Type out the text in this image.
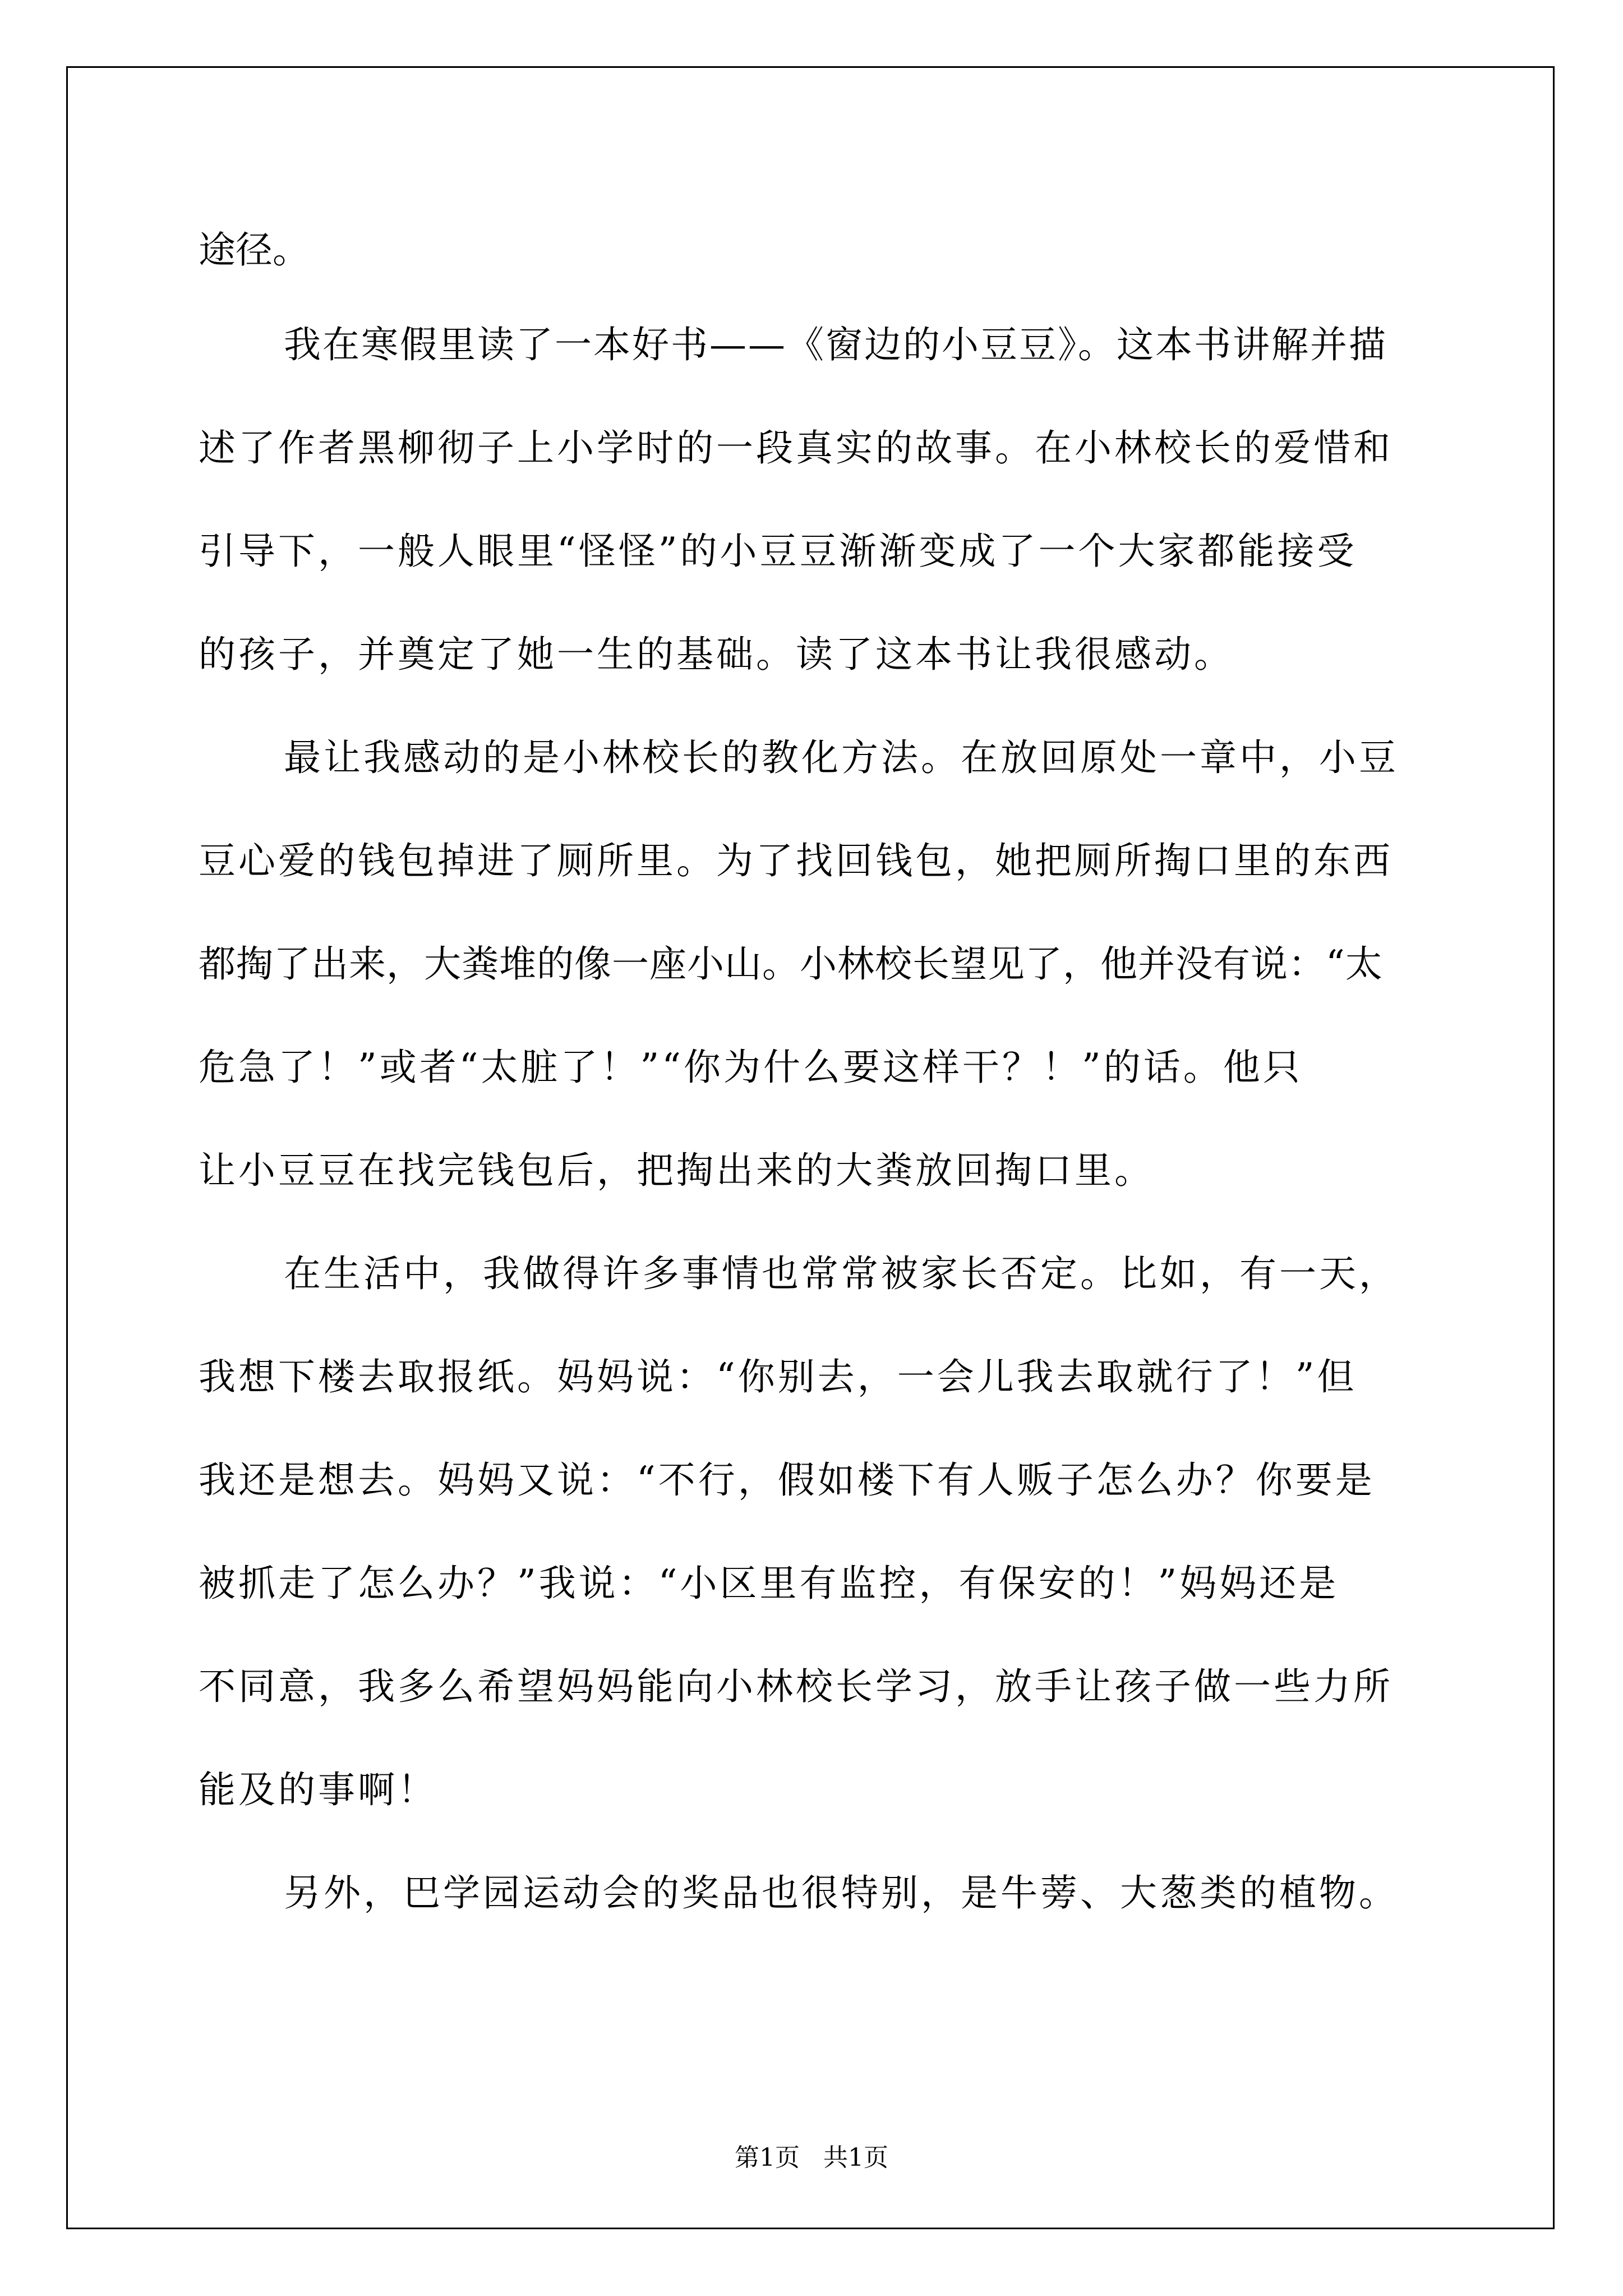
途径。
我在寒假里读了一本好书——《窗边的小豆豆》。这本书讲解并描
述了作者黑柳彻子上小学时的一段真实的故事。在小林校长的爱惜和
引导下，一般人眼里“怪怪”的小豆豆渐渐变成了一个大家都能接受
的孩子，并奠定了她一生的基础。读了这本书让我很感动。
最让我感动的是小林校长的教化方法。在放回原处一章中，小豆
豆心爱的钱包掉进了厕所里。为了找回钱包，她把厕所掏口里的东西
都掏了出来，大粪堆的像一座小山。小林校长望见了，他并没有说：“太
危急了！”或者“太脏了！”“你为什么要这样干？！”的话。他只
让小豆豆在找完钱包后，把掏出来的大粪放回掏口里。
在生活中，我做得许多事情也常常被家长否定。比如，有一天，
我想下楼去取报纸。妈妈说：“你别去，一会儿我去取就行了！”但
我还是想去。妈妈又说：“不行，假如楼下有人贩子怎么办？你要是
被抓走了怎么办？”我说：“小区里有监控，有保安的！”妈妈还是
不同意，我多么希望妈妈能向小林校长学习，放手让孩子做一些力所
能及的事啊！
另外，巴学园运动会的奖品也很特别，是牛蒡、大葱类的植物。
第1页   共1页
